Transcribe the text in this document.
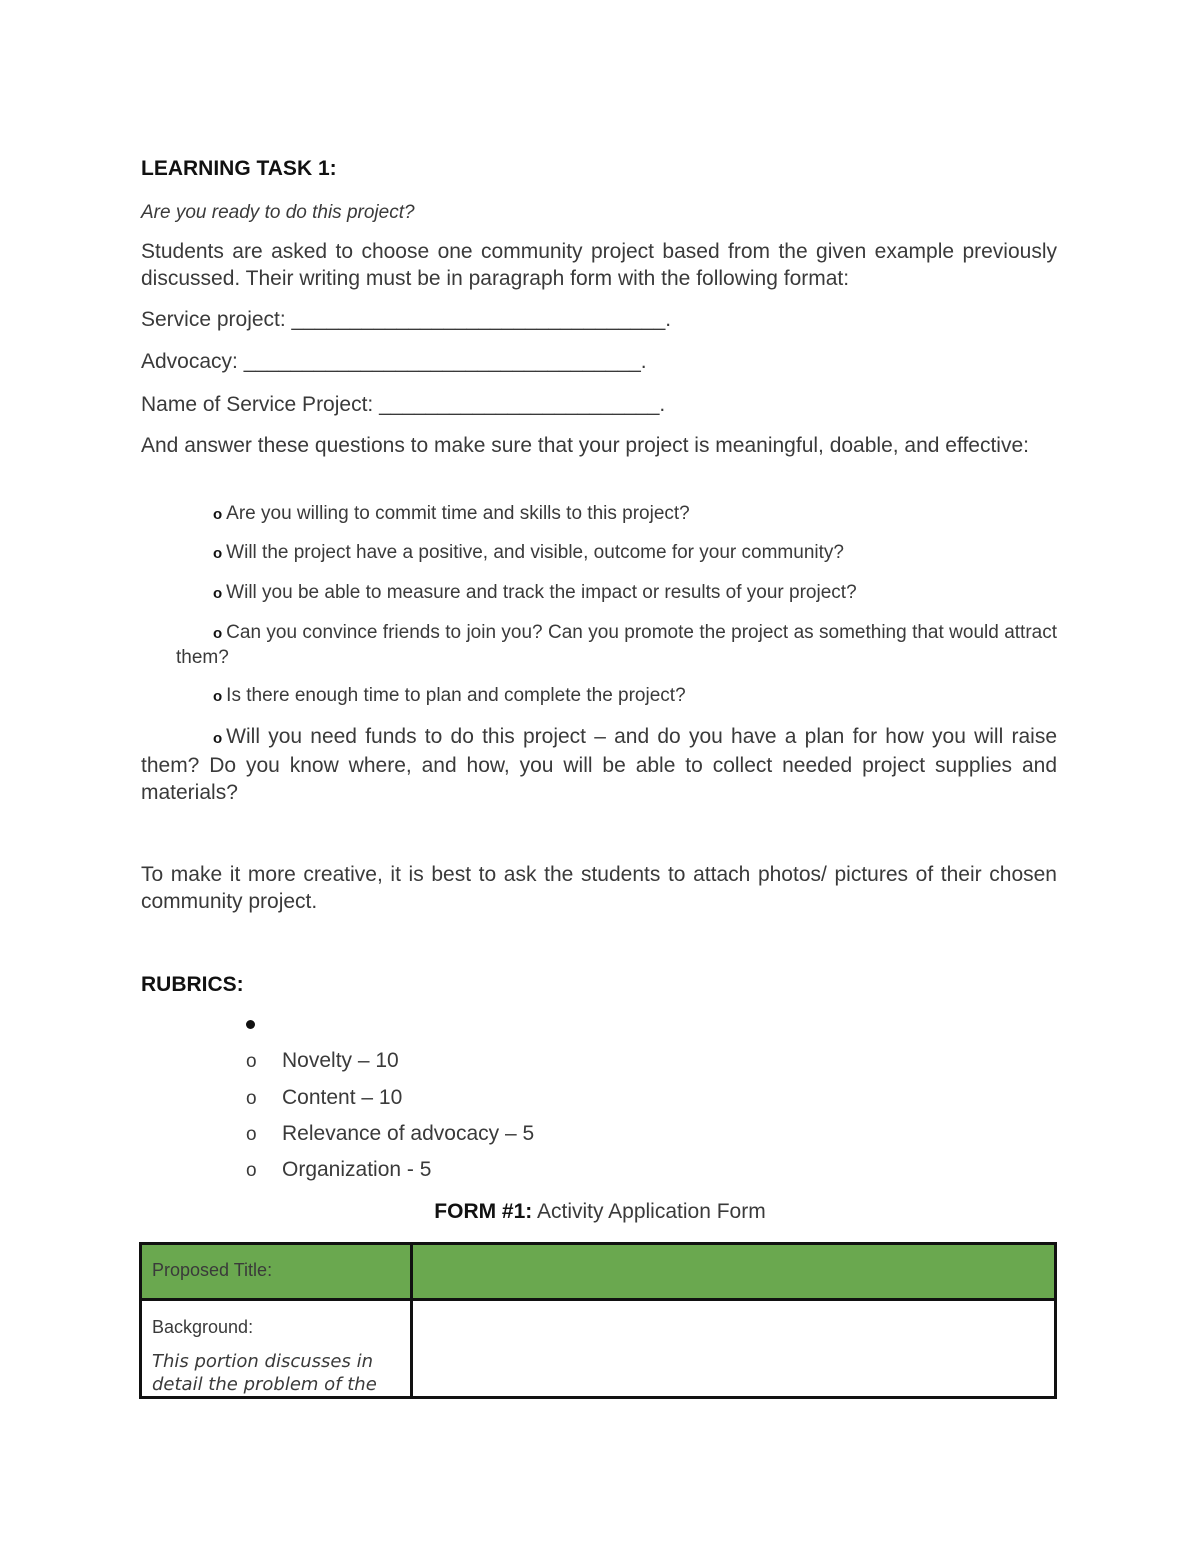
LEARNING TASK 1:

Are you ready to do this project?

Students are asked to choose one community project based from the given example previously discussed. Their writing must be in paragraph form with the following format:

Service project: ________________________________.

Advocacy: __________________________________.

Name of Service Project: ________________________.

And answer these questions to make sure that your project is meaningful, doable, and effective:

o Are you willing to commit time and skills to this project?

o Will the project have a positive, and visible, outcome for your community?

o Will you be able to measure and track the impact or results of your project?

o Can you convince friends to join you? Can you promote the project as something that would attract them?

o Is there enough time to plan and complete the project?

o Will you need funds to do this project – and do you have a plan for how you will raise them? Do you know where, and how, you will be able to collect needed project supplies and materials?

To make it more creative, it is best to ask the students to attach photos/ pictures of their chosen community project.

RUBRICS:

o Novelty – 10

o Content – 10

o Relevance of advocacy – 5

o Organization - 5

FORM #1: Activity Application Form

Proposed Title:	

Background:
This portion discusses in detail the problem of the	
